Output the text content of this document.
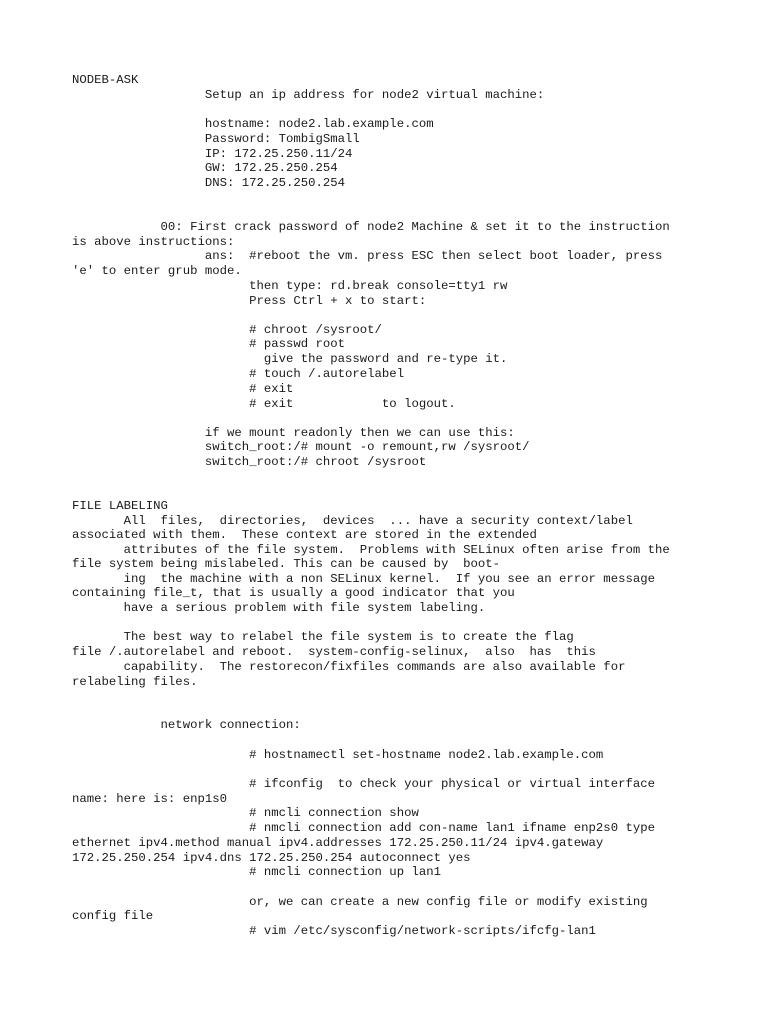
NODEB-ASK
Setup an ip address for node2 virtual machine:
hostname: node2.lab.example.com
Password: TombigSmall
IP: 172.25.250.11/24
GW: 172.25.250.254
DNS: 172.25.250.254
00: First crack password of node2 Machine & set it to the instruction
is above instructions:
ans:  #reboot the vm. press ESC then select boot loader, press
'e' to enter grub mode.
then type: rd.break console=tty1 rw
Press Ctrl + x to start:
# chroot /sysroot/
# passwd root
give the password and re-type it.
# touch /.autorelabel
# exit
# exit            to logout.
if we mount readonly then we can use this:
switch_root:/# mount -o remount,rw /sysroot/
switch_root:/# chroot /sysroot
FILE LABELING
All  files,  directories,  devices  ... have a security context/label
associated with them.  These context are stored in the extended
attributes of the file system.  Problems with SELinux often arise from the
file system being mislabeled. This can be caused by  boot-
ing  the machine with a non SELinux kernel.  If you see an error message
containing file_t, that is usually a good indicator that you
have a serious problem with file system labeling.
The best way to relabel the file system is to create the flag
file /.autorelabel and reboot.  system-config-selinux,  also  has  this
capability.  The restorecon/fixfiles commands are also available for
relabeling files.
network connection:
# hostnamectl set-hostname node2.lab.example.com
# ifconfig  to check your physical or virtual interface
name: here is: enp1s0
# nmcli connection show
# nmcli connection add con-name lan1 ifname enp2s0 type
ethernet ipv4.method manual ipv4.addresses 172.25.250.11/24 ipv4.gateway
172.25.250.254 ipv4.dns 172.25.250.254 autoconnect yes
# nmcli connection up lan1
or, we can create a new config file or modify existing
config file
# vim /etc/sysconfig/network-scripts/ifcfg-lan1
